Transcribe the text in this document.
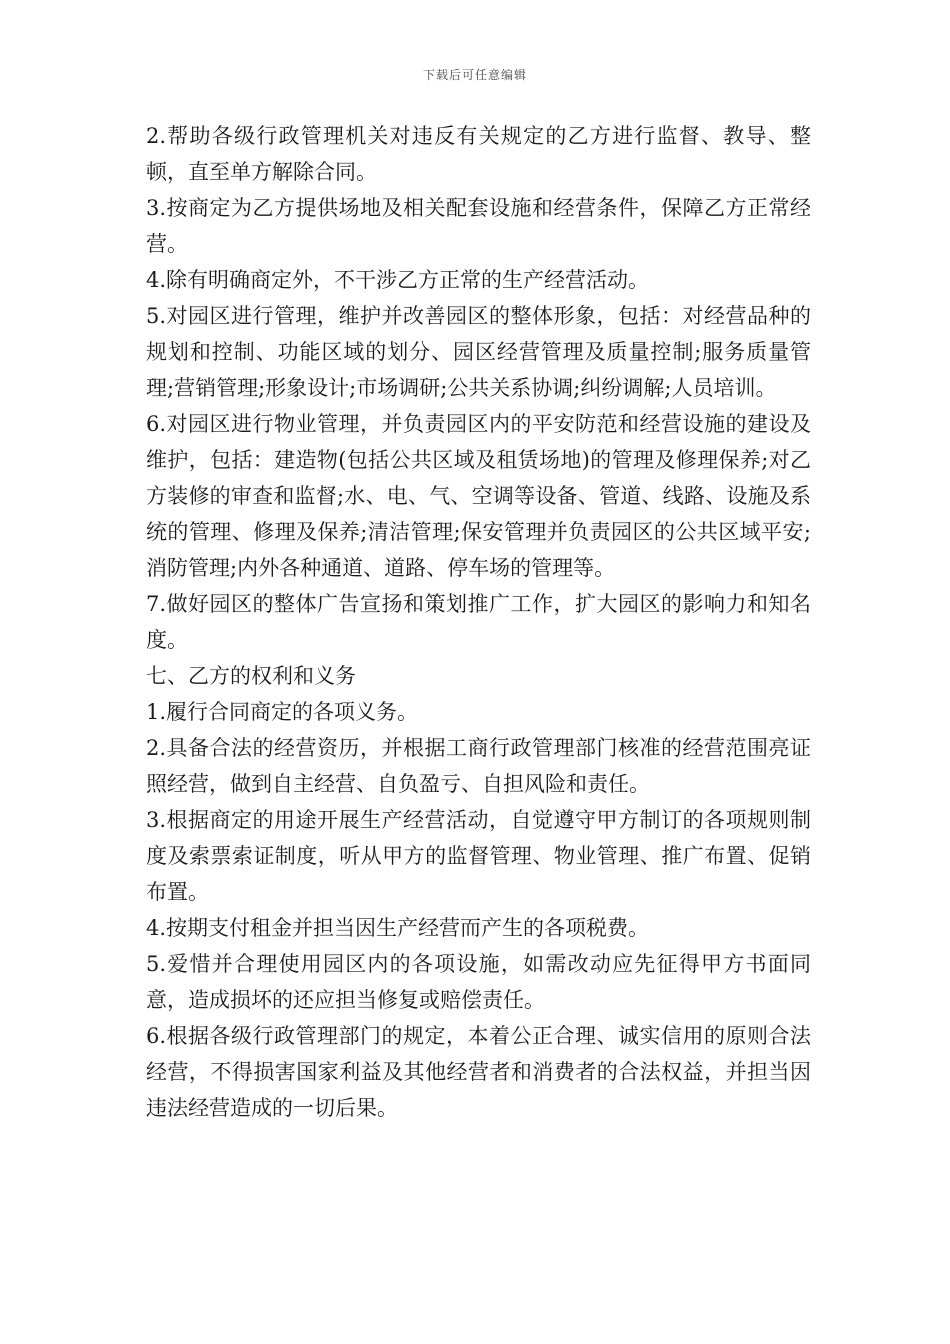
下载后可任意编辑

2.帮助各级行政管理机关对违反有关规定的乙方进行监督、教导、整顿，直至单方解除合同。

3.按商定为乙方提供场地及相关配套设施和经营条件，保障乙方正常经营。

4.除有明确商定外，不干涉乙方正常的生产经营活动。

5.对园区进行管理，维护并改善园区的整体形象，包括：对经营品种的规划和控制、功能区域的划分、园区经营管理及质量控制;服务质量管理;营销管理;形象设计;市场调研;公共关系协调;纠纷调解;人员培训。

6.对园区进行物业管理，并负责园区内的平安防范和经营设施的建设及维护，包括：建造物(包括公共区域及租赁场地)的管理及修理保养;对乙方装修的审查和监督;水、电、气、空调等设备、管道、线路、设施及系统的管理、修理及保养;清洁管理;保安管理并负责园区的公共区域平安;消防管理;内外各种通道、道路、停车场的管理等。

7.做好园区的整体广告宣扬和策划推广工作，扩大园区的影响力和知名度。

七、乙方的权利和义务

1.履行合同商定的各项义务。

2.具备合法的经营资历，并根据工商行政管理部门核准的经营范围亮证照经营，做到自主经营、自负盈亏、自担风险和责任。

3.根据商定的用途开展生产经营活动，自觉遵守甲方制订的各项规则制度及索票索证制度，听从甲方的监督管理、物业管理、推广布置、促销布置。

4.按期支付租金并担当因生产经营而产生的各项税费。

5.爱惜并合理使用园区内的各项设施，如需改动应先征得甲方书面同意，造成损坏的还应担当修复或赔偿责任。

6.根据各级行政管理部门的规定，本着公正合理、诚实信用的原则合法经营，不得损害国家利益及其他经营者和消费者的合法权益，并担当因违法经营造成的一切后果。
